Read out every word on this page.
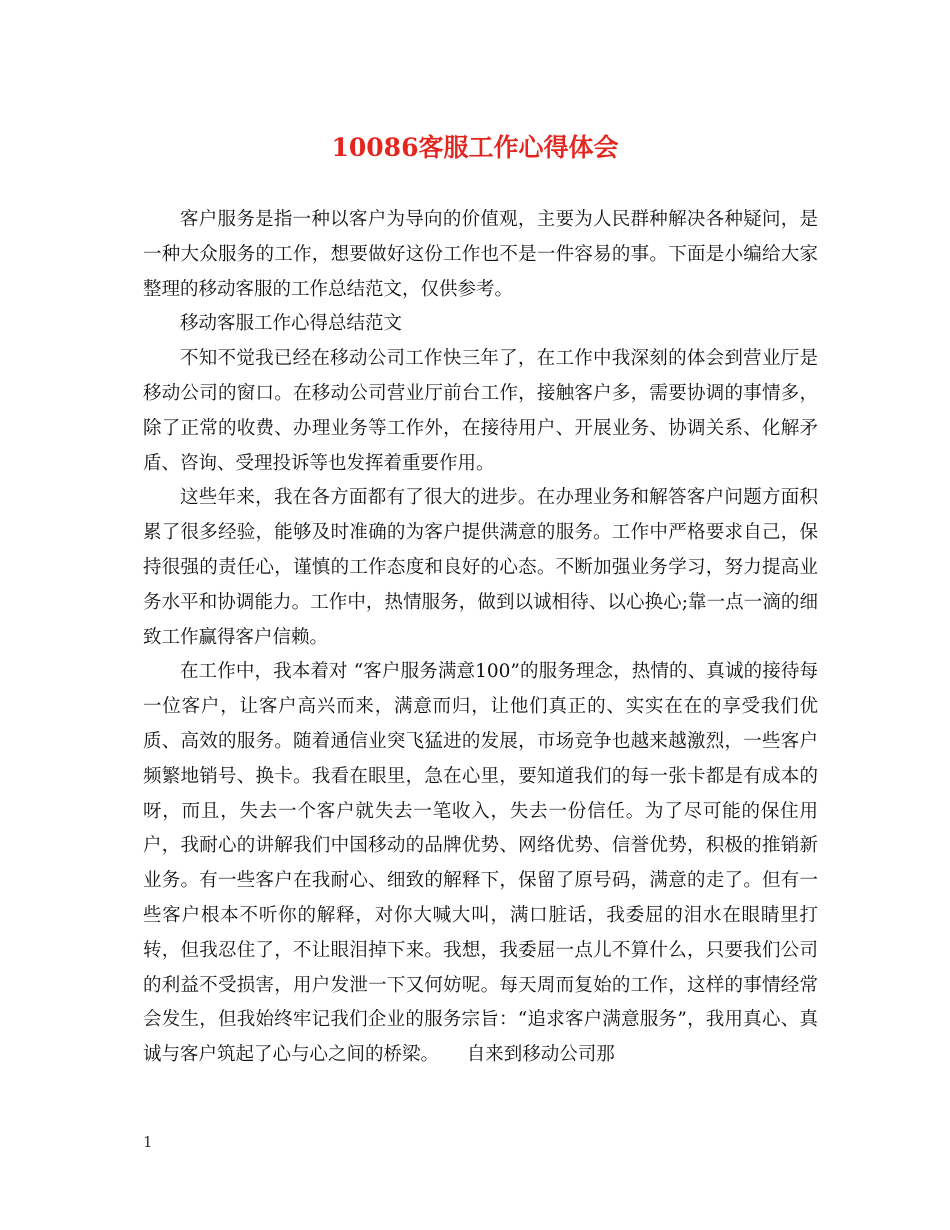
10086客服工作心得体会

客户服务是指一种以客户为导向的价值观，主要为人民群种解决各种疑问，是一种大众服务的工作，想要做好这份工作也不是一件容易的事。下面是小编给大家整理的移动客服的工作总结范文，仅供参考。

移动客服工作心得总结范文

不知不觉我已经在移动公司工作快三年了，在工作中我深刻的体会到营业厅是移动公司的窗口。在移动公司营业厅前台工作，接触客户多，需要协调的事情多，除了正常的收费、办理业务等工作外，在接待用户、开展业务、协调关系、化解矛盾、咨询、受理投诉等也发挥着重要作用。

这些年来，我在各方面都有了很大的进步。在办理业务和解答客户问题方面积累了很多经验，能够及时准确的为客户提供满意的服务。工作中严格要求自己，保持很强的责任心，谨慎的工作态度和良好的心态。不断加强业务学习，努力提高业务水平和协调能力。工作中，热情服务，做到以诚相待、以心换心;靠一点一滴的细致工作赢得客户信赖。

在工作中，我本着对 “客户服务满意100”的服务理念，热情的、真诚的接待每一位客户，让客户高兴而来，满意而归，让他们真正的、实实在在的享受我们优质、高效的服务。随着通信业突飞猛进的发展，市场竞争也越来越激烈，一些客户频繁地销号、换卡。我看在眼里，急在心里，要知道我们的每一张卡都是有成本的呀，而且，失去一个客户就失去一笔收入，失去一份信任。为了尽可能的保住用户，我耐心的讲解我们中国移动的品牌优势、网络优势、信誉优势，积极的推销新业务。有一些客户在我耐心、细致的解释下，保留了原号码，满意的走了。但有一些客户根本不听你的解释，对你大喊大叫，满口脏话，我委屈的泪水在眼睛里打转，但我忍住了，不让眼泪掉下来。我想，我委屈一点儿不算什么，只要我们公司的利益不受损害，用户发泄一下又何妨呢。每天周而复始的工作，这样的事情经常会发生，但我始终牢记我们企业的服务宗旨：“追求客户满意服务”，我用真心、真诚与客户筑起了心与心之间的桥梁。　　自来到移动公司那

1
